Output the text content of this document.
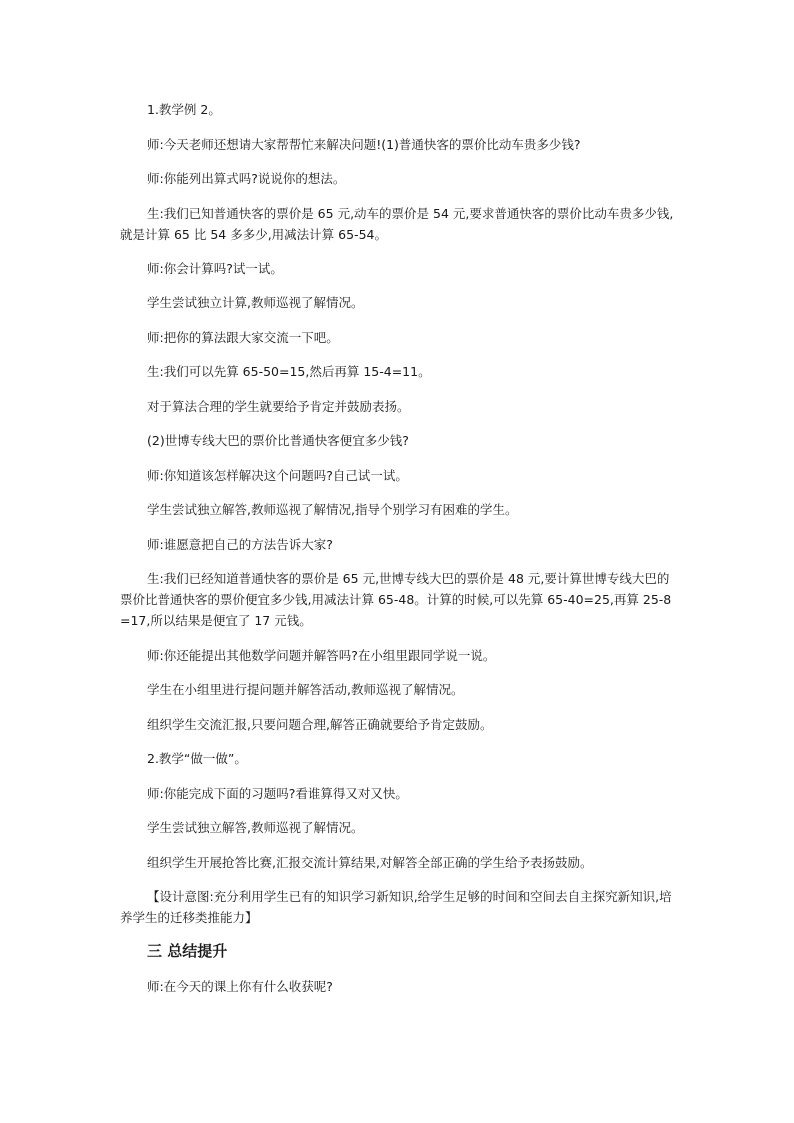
1.教学例 2。
师:今天老师还想请大家帮帮忙来解决问题!(1)普通快客的票价比动车贵多少钱?
师:你能列出算式吗?说说你的想法。
生:我们已知普通快客的票价是 65 元,动车的票价是 54 元,要求普通快客的票价比动车贵多少钱,就是计算 65 比 54 多多少,用减法计算 65-54。
师:你会计算吗?试一试。
学生尝试独立计算,教师巡视了解情况。
师:把你的算法跟大家交流一下吧。
生:我们可以先算 65-50=15,然后再算 15-4=11。
对于算法合理的学生就要给予肯定并鼓励表扬。
(2)世博专线大巴的票价比普通快客便宜多少钱?
师:你知道该怎样解决这个问题吗?自己试一试。
学生尝试独立解答,教师巡视了解情况,指导个别学习有困难的学生。
师:谁愿意把自己的方法告诉大家?
生:我们已经知道普通快客的票价是 65 元,世博专线大巴的票价是 48 元,要计算世博专线大巴的票价比普通快客的票价便宜多少钱,用减法计算 65-48。计算的时候,可以先算 65-40=25,再算 25-8=17,所以结果是便宜了 17 元钱。
师:你还能提出其他数学问题并解答吗?在小组里跟同学说一说。
学生在小组里进行提问题并解答活动,教师巡视了解情况。
组织学生交流汇报,只要问题合理,解答正确就要给予肯定鼓励。
2.教学“做一做”。
师:你能完成下面的习题吗?看谁算得又对又快。
学生尝试独立解答,教师巡视了解情况。
组织学生开展抢答比赛,汇报交流计算结果,对解答全部正确的学生给予表扬鼓励。
【设计意图:充分利用学生已有的知识学习新知识,给学生足够的时间和空间去自主探究新知识,培养学生的迁移类推能力】
三 总结提升
师:在今天的课上你有什么收获呢?
